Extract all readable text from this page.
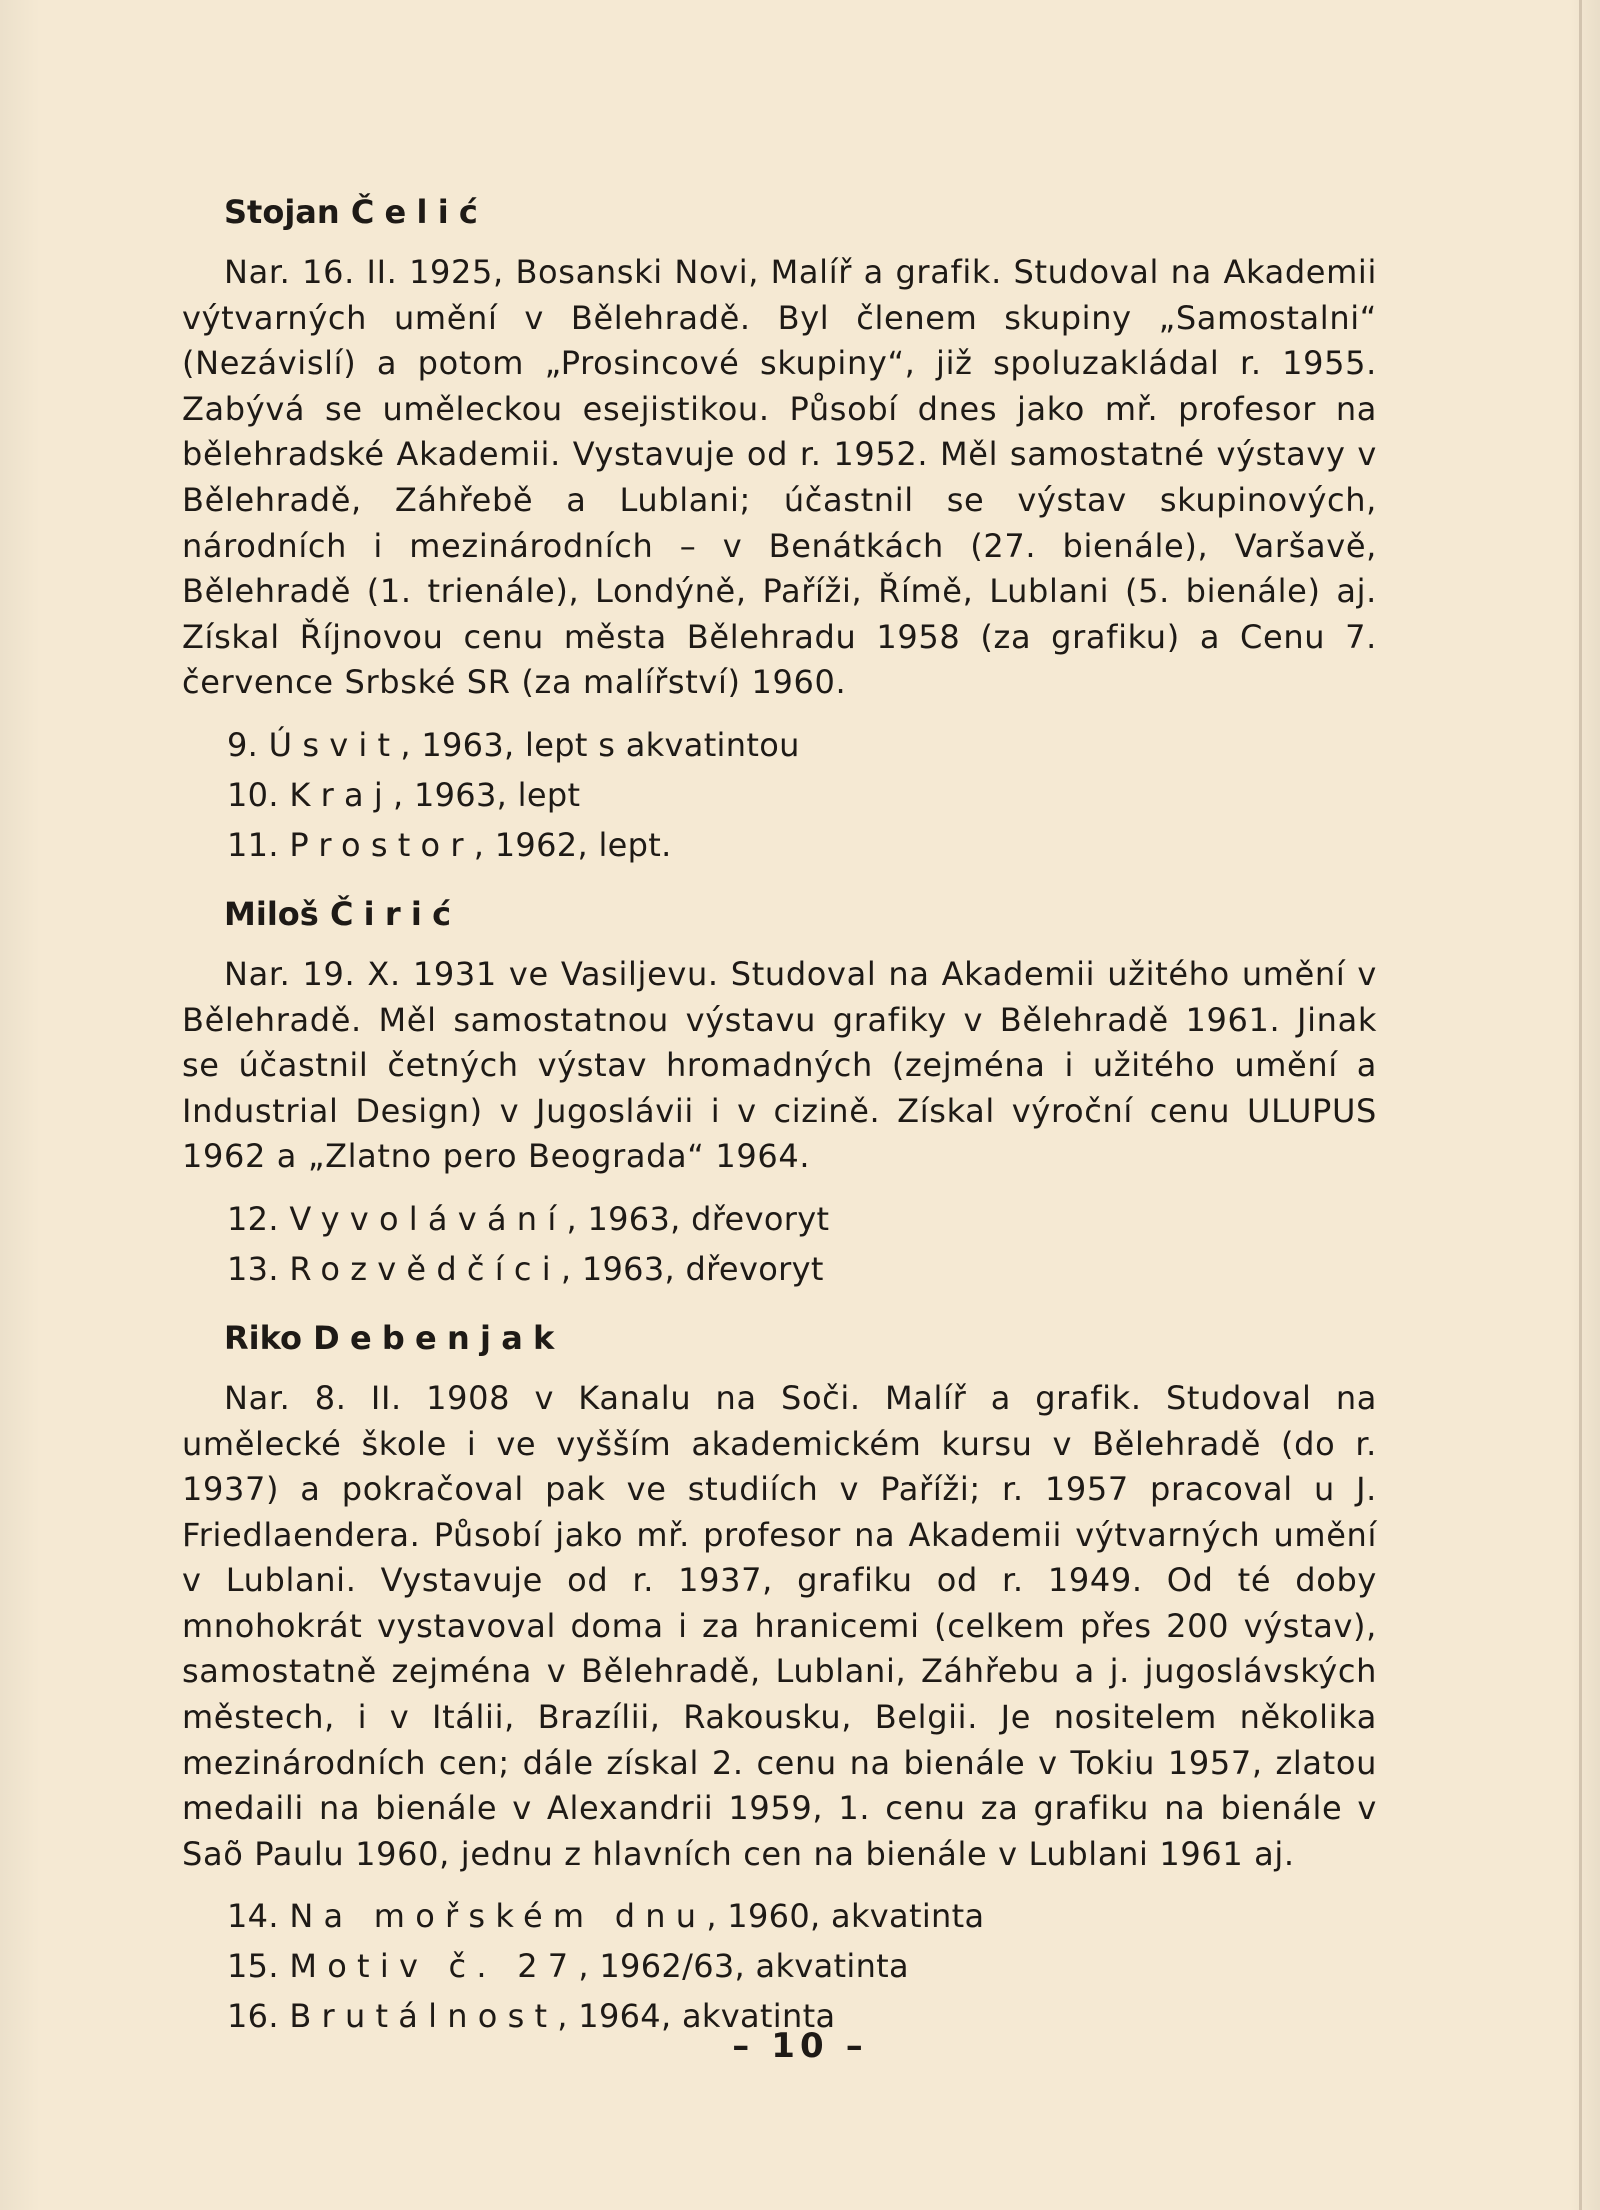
Stojan Čelić

Nar. 16. II. 1925, Bosanski Novi, Malíř a grafik. Studoval na Akademii výtvarných umění v Bělehradě. Byl členem skupiny „Samostalni“ (Nezávislí) a potom „Prosincové skupiny“, již spoluzakládal r. 1955. Zabývá se uměleckou esejistikou. Působí dnes jako mř. profesor na bělehradské Akademii. Vystavuje od r. 1952. Měl samostatné výstavy v Bělehradě, Záhřebě a Lublani; účastnil se výstav skupinových, národních i mezinárodních – v Benátkách (27. bienále), Varšavě, Bělehradě (1. trienále), Londýně, Paříži, Římě, Lublani (5. bienále) aj. Získal Říjnovou cenu města Bělehradu 1958 (za grafiku) a Cenu 7. července Srbské SR (za malířství) 1960.

9. Úsvit, 1963, lept s akvatintou
10. Kraj, 1963, lept
11. Prostor, 1962, lept.
Miloš Čirić

Nar. 19. X. 1931 ve Vasiljevu. Studoval na Akademii užitého umění v Bělehradě. Měl samostatnou výstavu grafiky v Bělehradě 1961. Jinak se účastnil četných výstav hromadných (zejména i užitého umění a Industrial Design) v Jugoslávii i v cizině. Získal výroční cenu ULUPUS 1962 a „Zlatno pero Beograda“ 1964.

12. Vyvolávání, 1963, dřevoryt
13. Rozvědčíci, 1963, dřevoryt
Riko Debenjak

Nar. 8. II. 1908 v Kanalu na Soči. Malíř a grafik. Studoval na umělecké škole i ve vyšším akademickém kursu v Bělehradě (do r. 1937) a pokračoval pak ve studiích v Paříži; r. 1957 pracoval u J. Friedlaendera. Působí jako mř. profesor na Akademii výtvarných umění v Lublani. Vystavuje od r. 1937, grafiku od r. 1949. Od té doby mnohokrát vystavoval doma i za hranicemi (celkem přes 200 výstav), samostatně zejména v Bělehradě, Lublani, Záhřebu a j. jugoslávských městech, i v Itálii, Brazílii, Rakousku, Belgii. Je nositelem několika mezinárodních cen; dále získal 2. cenu na bienále v Tokiu 1957, zlatou medaili na bienále v Alexandrii 1959, 1. cenu za grafiku na bienále v Saõ Paulu 1960, jednu z hlavních cen na bienále v Lublani 1961 aj.

14. Na mořském dnu, 1960, akvatinta
15. Motiv č. 27, 1962/63, akvatinta
16. Brutálnost, 1964, akvatinta
– 10 –
